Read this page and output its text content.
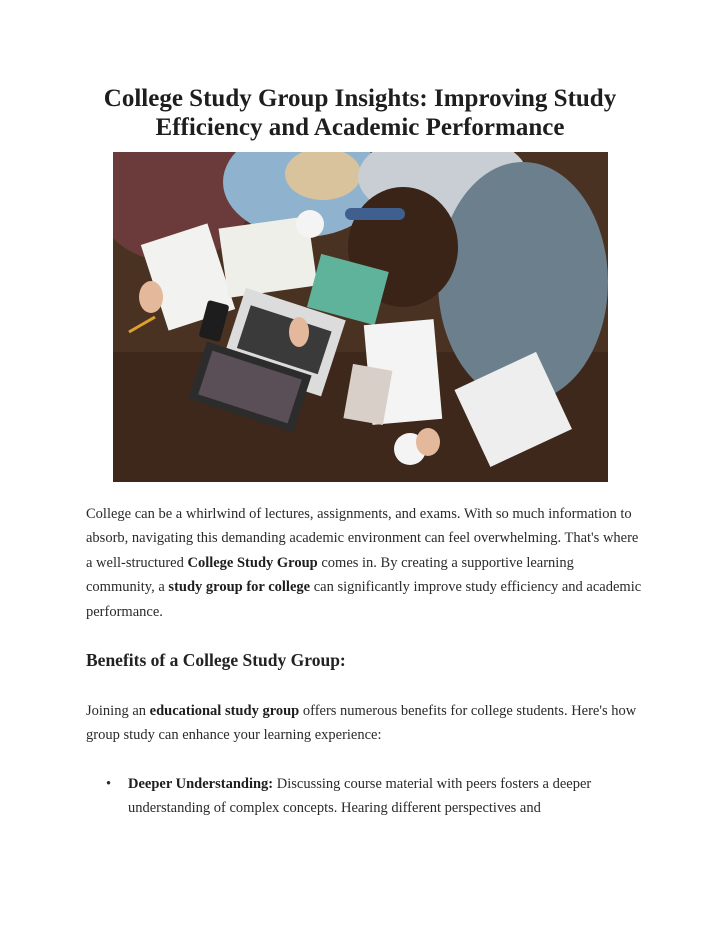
College Study Group Insights: Improving Study Efficiency and Academic Performance

College can be a whirlwind of lectures, assignments, and exams. With so much information to absorb, navigating this demanding academic environment can feel overwhelming. That's where a well-structured College Study Group comes in. By creating a supportive learning community, a study group for college can significantly improve study efficiency and academic performance.

Benefits of a College Study Group:

Joining an educational study group offers numerous benefits for college students. Here's how group study can enhance your learning experience:

• Deeper Understanding: Discussing course material with peers fosters a deeper understanding of complex concepts. Hearing different perspectives and
